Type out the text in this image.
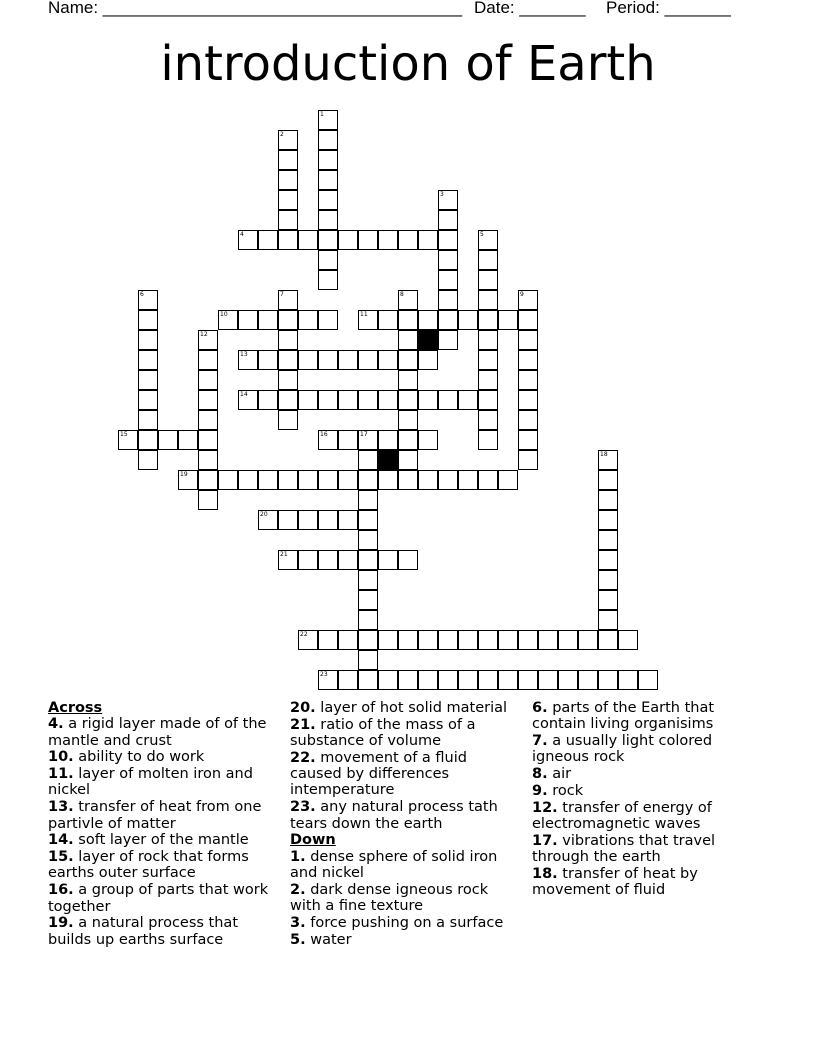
Name: ______________________________________ Date: _______ Period: _______
introduction of Earth
4
10	11
13
14
15	16	17
19
20
21
22
23
1
2
3
5
6	7	8	9
12
18
Across
4. a rigid layer made of of the mantle and crust
10. ability to do work
11. layer of molten iron and nickel
13. transfer of heat from one partivle of matter
14. soft layer of the mantle
15. layer of rock that forms earths outer surface
16. a group of parts that work together
19. a natural process that builds up earths surface
20. layer of hot solid material
21. ratio of the mass of a substance of volume
22. movement of a fluid caused by differences intemperature
23. any natural process tath tears down the earth
Down
1. dense sphere of solid iron and nickel
2. dark dense igneous rock with a fine texture
3. force pushing on a surface
5. water
6. parts of the Earth that contain living organisims
7. a usually light colored igneous rock
8. air
9. rock
12. transfer of energy of electromagnetic waves
17. vibrations that travel through the earth
18. transfer of heat by movement of fluid
